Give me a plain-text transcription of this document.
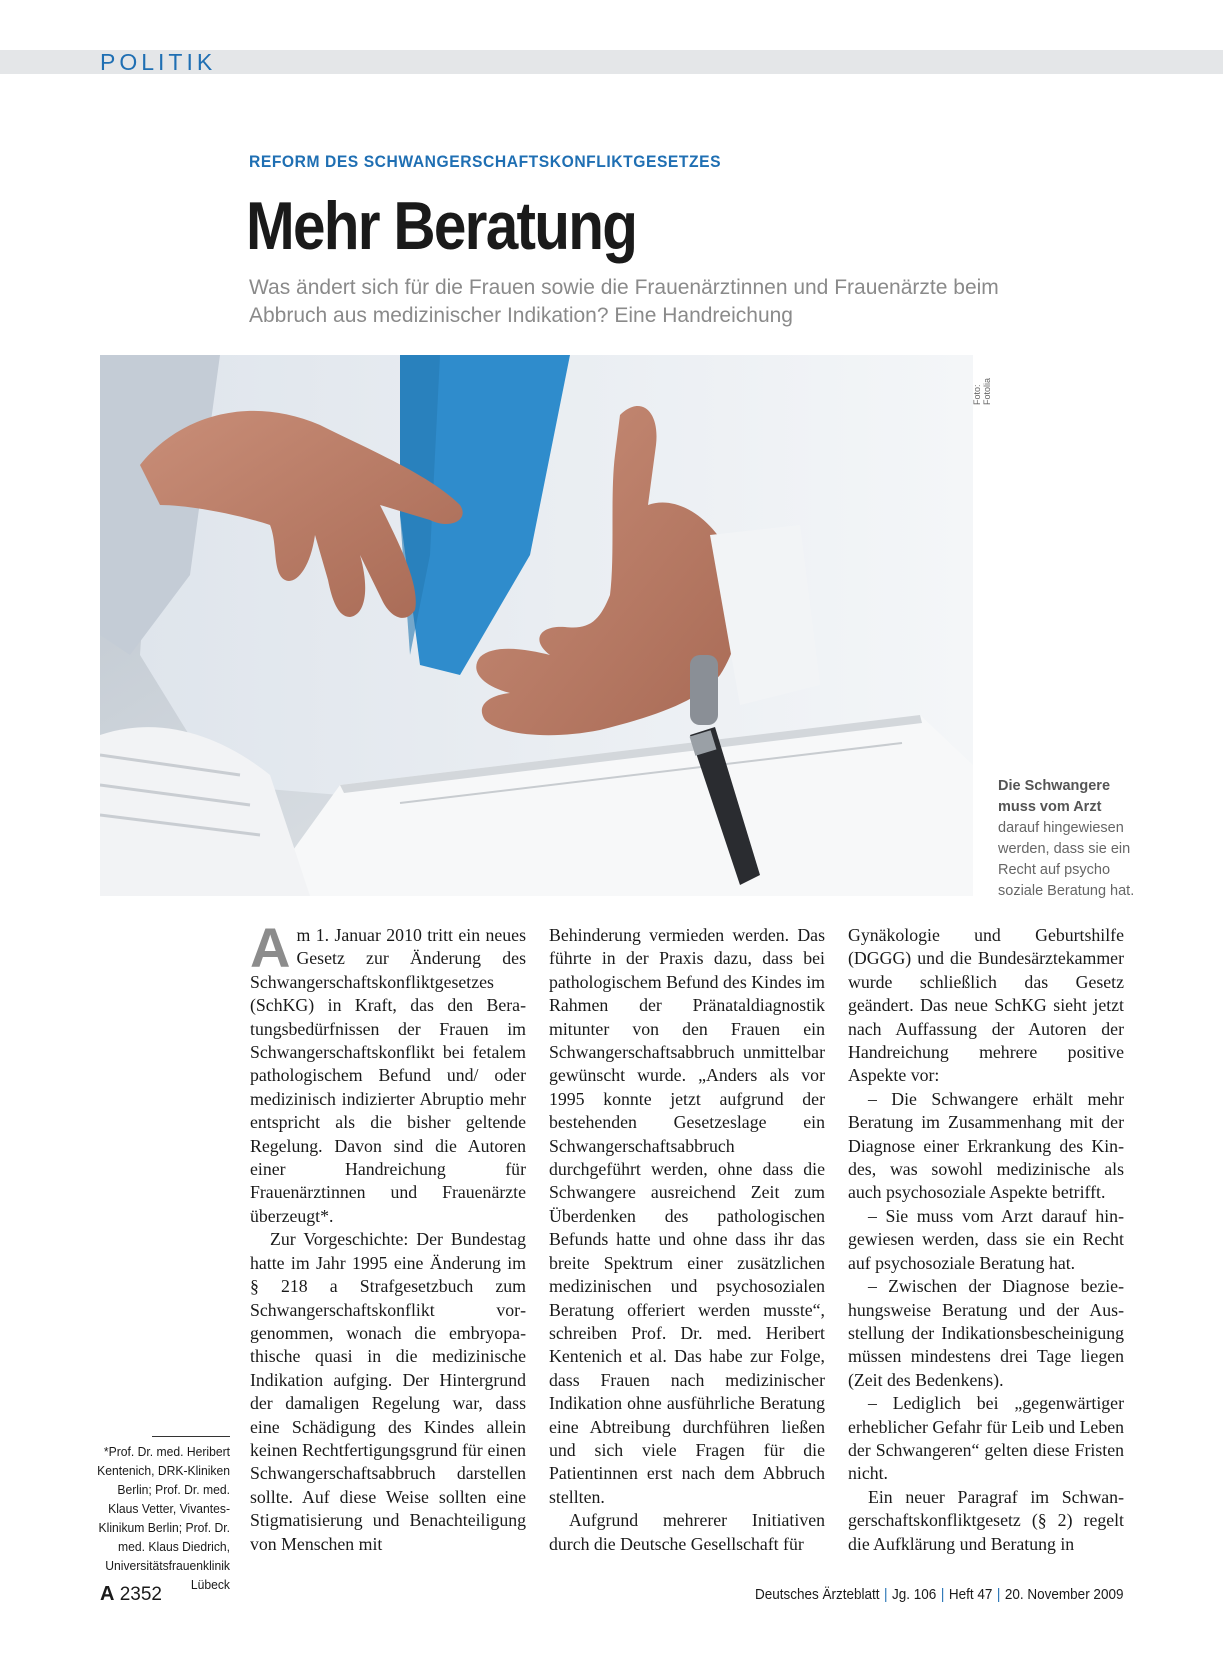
POLITIK
REFORM DES SCHWANGERSCHAFTSKONFLIKTGESETZES
Mehr Beratung
Was ändert sich für die Frauen sowie die Frauenärztinnen und Frauenärzte beim Abbruch aus medizinischer Indikation? Eine Handreichung
Foto: Fotolia
Die Schwangere muss vom Arzt darauf hingewiesen werden, dass sie ein Recht auf psycho soziale Beratung hat.

Am 1. Januar 2010 tritt ein neues Gesetz zur Änderung des Schwangerschaftskonfliktgesetzes (SchKG) in Kraft, das den Beratungsbedürfnissen der Frauen im Schwangerschaftskonflikt bei fetalem pathologischem Befund und/ oder medizinisch indizierter Abruptio mehr entspricht als die bisher geltende Regelung. Davon sind die Autoren einer Handreichung für Frauenärztinnen und Frauenärzte überzeugt*.

Zur Vorgeschichte: Der Bundestag hatte im Jahr 1995 eine Änderung im § 218 a Strafgesetzbuch zum Schwangerschaftskonflikt vorgenommen, wonach die embryopathische quasi in die medizinische Indikation aufging. Der Hintergrund der damaligen Regelung war, dass eine Schädigung des Kindes allein keinen Rechtfertigungsgrund für einen Schwangerschaftsabbruch darstellen sollte. Auf diese Weise sollten eine Stigmatisierung und Benachteiligung von Menschen mit

Behinderung vermieden werden. Das führte in der Praxis dazu, dass bei pathologischem Befund des Kindes im Rahmen der Pränataldiagnostik mitunter von den Frauen ein Schwangerschaftsabbruch unmittelbar gewünscht wurde. „Anders als vor 1995 konnte jetzt aufgrund der bestehenden Gesetzeslage ein Schwangerschaftsabbruch durchgeführt werden, ohne dass die Schwangere ausreichend Zeit zum Überdenken des pathologischen Befunds hatte und ohne dass ihr das breite Spektrum einer zusätzlichen medizinischen und psychosozialen Beratung offeriert werden musste“, schreiben Prof. Dr. med. Heribert Kentenich et al. Das habe zur Folge, dass Frauen nach medizinischer Indikation ohne ausführliche Beratung eine Abtreibung durchführen ließen und sich viele Fragen für die Patientinnen erst nach dem Abbruch stellten.

Aufgrund mehrerer Initiativen durch die Deutsche Gesellschaft für

Gynäkologie und Geburtshilfe (DGGG) und die Bundesärztekammer wurde schließlich das Gesetz geändert. Das neue SchKG sieht jetzt nach Auffassung der Autoren der Handreichung mehrere positive Aspekte vor:

– Die Schwangere erhält mehr Beratung im Zusammenhang mit der Diagnose einer Erkrankung des Kindes, was sowohl medizinische als auch psychosoziale Aspekte betrifft.

– Sie muss vom Arzt darauf hingewiesen werden, dass sie ein Recht auf psychosoziale Beratung hat.

– Zwischen der Diagnose beziehungsweise Beratung und der Ausstellung der Indikationsbescheinigung müssen mindestens drei Tage liegen (Zeit des Bedenkens).

– Lediglich bei „gegenwärtiger erheblicher Gefahr für Leib und Leben der Schwangeren“ gelten diese Fristen nicht.

Ein neuer Paragraf im Schwangerschaftskonfliktgesetz (§ 2) regelt die Aufklärung und Beratung in

*Prof. Dr. med. Heribert Kentenich, DRK-Kliniken Berlin; Prof. Dr. med. Klaus Vetter, Vivantes-Klinikum Berlin; Prof. Dr. med. Klaus Diedrich, Universitätsfrauenklinik Lübeck
A 2352	Deutsches Ärzteblatt | Jg. 106 | Heft 47 | 20. November 2009
